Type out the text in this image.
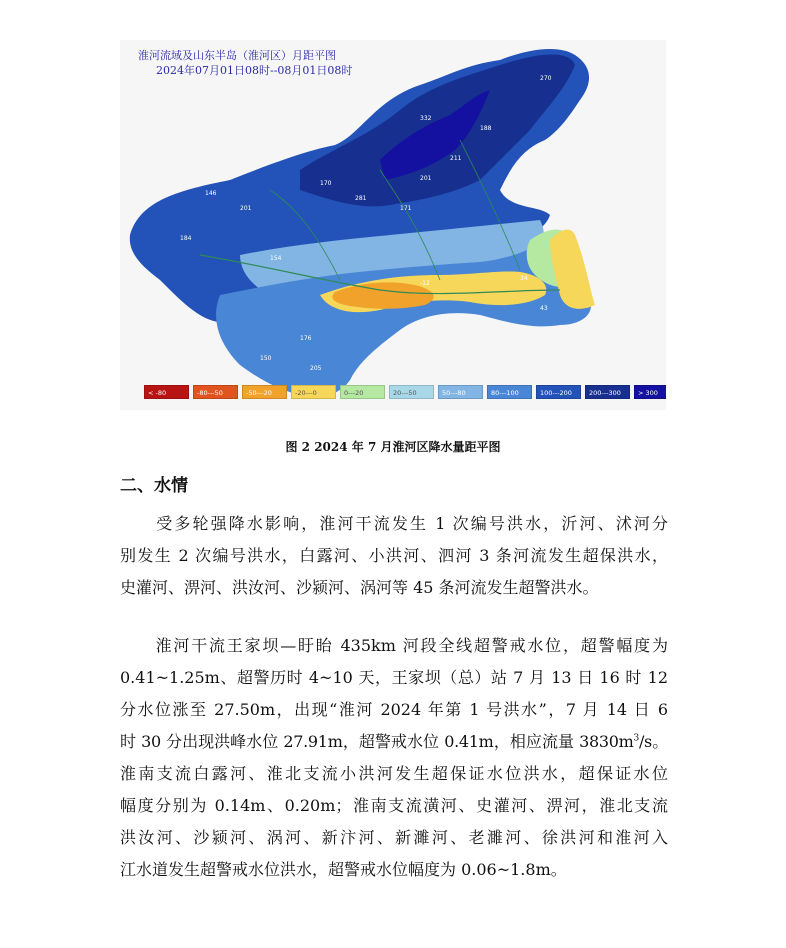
146
201
170
281
171
201
211
188
270
332
184
154
176
205
150
34
43
-12
淮河流域及山东半岛（淮河区）月距平图
2024年07月01日08时--08月01日08时
< -80	-80---50	-50---20	-20---0	0---20	20---50	50---80	80---100	100---200	200---300	> 300
图 2 2024 年 7 月淮河区降水量距平图
二、水情

　　受多轮强降水影响，淮河干流发生 1 次编号洪水，沂河、沭河分
别发生 2 次编号洪水，白露河、小洪河、泗河 3 条河流发生超保洪水，
史灌河、淠河、洪汝河、沙颍河、涡河等 45 条河流发生超警洪水。

　　淮河干流王家坝—盱眙 435km 河段全线超警戒水位，超警幅度为
0.41~1.25m、超警历时 4~10 天，王家坝（总）站 7 月 13 日 16 时 12
分水位涨至 27.50m，出现“淮河 2024 年第 1 号洪水”，7 月 14 日 6
时 30 分出现洪峰水位 27.91m，超警戒水位 0.41m，相应流量 $3830m^3/s$。
淮南支流白露河、淮北支流小洪河发生超保证水位洪水，超保证水位
幅度分别为 0.14m、0.20m；淮南支流潢河、史灌河、淠河，淮北支流
洪汝河、沙颍河、涡河、新汴河、新濉河、老濉河、徐洪河和淮河入
江水道发生超警戒水位洪水，超警戒水位幅度为 0.06~1.8m。
